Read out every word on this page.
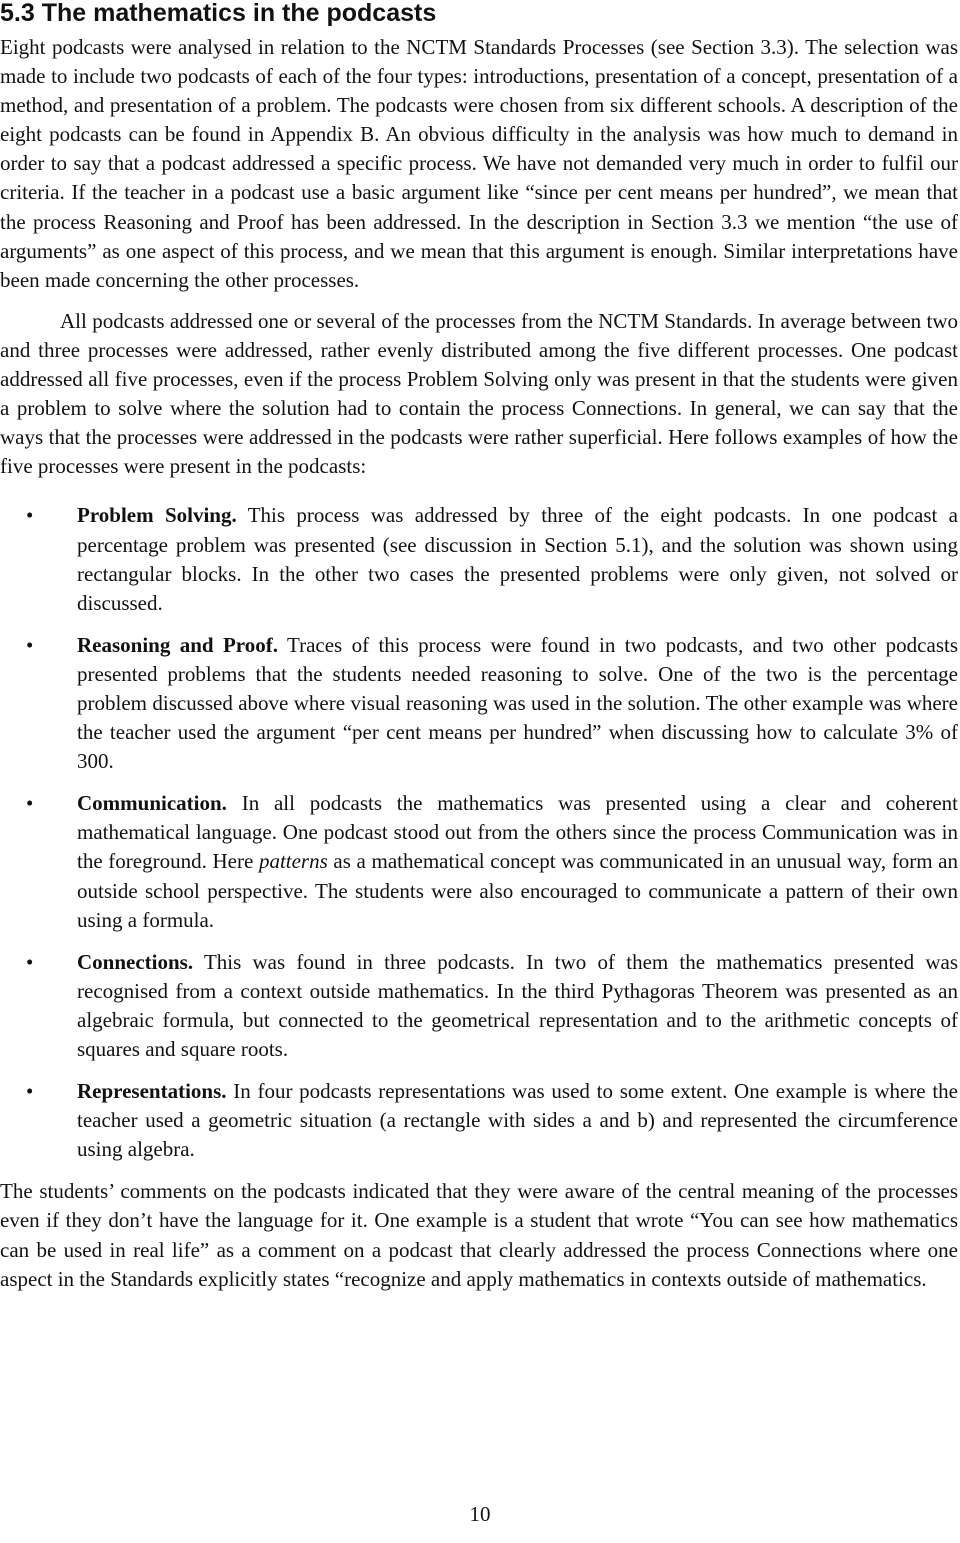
5.3 The mathematics in the podcasts

Eight podcasts were analysed in relation to the NCTM Standards Processes (see Section 3.3). The selection was made to include two podcasts of each of the four types: introductions, presentation of a concept, presentation of a method, and presentation of a problem. The podcasts were chosen from six different schools. A description of the eight podcasts can be found in Appendix B. An obvious difficulty in the analysis was how much to demand in order to say that a podcast addressed a specific process. We have not demanded very much in order to fulfil our criteria. If the teacher in a podcast use a basic argument like “since per cent means per hundred”, we mean that the process Reasoning and Proof has been addressed. In the description in Section 3.3 we mention “the use of arguments” as one aspect of this process, and we mean that this argument is enough. Similar interpretations have been made concerning the other processes.

All podcasts addressed one or several of the processes from the NCTM Standards. In average between two and three processes were addressed, rather evenly distributed among the five different processes. One podcast addressed all five processes, even if the process Problem Solving only was present in that the students were given a problem to solve where the solution had to contain the process Connections. In general, we can say that the ways that the processes were addressed in the podcasts were rather superficial. Here follows examples of how the five processes were present in the podcasts:

•	Problem Solving. This process was addressed by three of the eight podcasts. In one podcast a percentage problem was presented (see discussion in Section 5.1), and the solution was shown using rectangular blocks. In the other two cases the presented problems were only given, not solved or discussed.
•	Reasoning and Proof. Traces of this process were found in two podcasts, and two other podcasts presented problems that the students needed reasoning to solve. One of the two is the percentage problem discussed above where visual reasoning was used in the solution. The other example was where the teacher used the argument “per cent means per hundred” when discussing how to calculate 3% of 300.
•	Communication. In all podcasts the mathematics was presented using a clear and coherent mathematical language. One podcast stood out from the others since the process Communication was in the foreground. Here patterns as a mathematical concept was communicated in an unusual way, form an outside school perspective. The students were also encouraged to communicate a pattern of their own using a formula.
•	Connections. This was found in three podcasts. In two of them the mathematics presented was recognised from a context outside mathematics. In the third Pythagoras Theorem was presented as an algebraic formula, but connected to the geometrical representation and to the arithmetic concepts of squares and square roots.
•	Representations. In four podcasts representations was used to some extent. One example is where the teacher used a geometric situation (a rectangle with sides a and b) and represented the circumference using algebra.

The students’ comments on the podcasts indicated that they were aware of the central meaning of the processes even if they don’t have the language for it. One example is a student that wrote “You can see how mathematics can be used in real life” as a comment on a podcast that clearly addressed the process Connections where one aspect in the Standards explicitly states “recognize and apply mathematics in contexts outside of mathematics.

10
